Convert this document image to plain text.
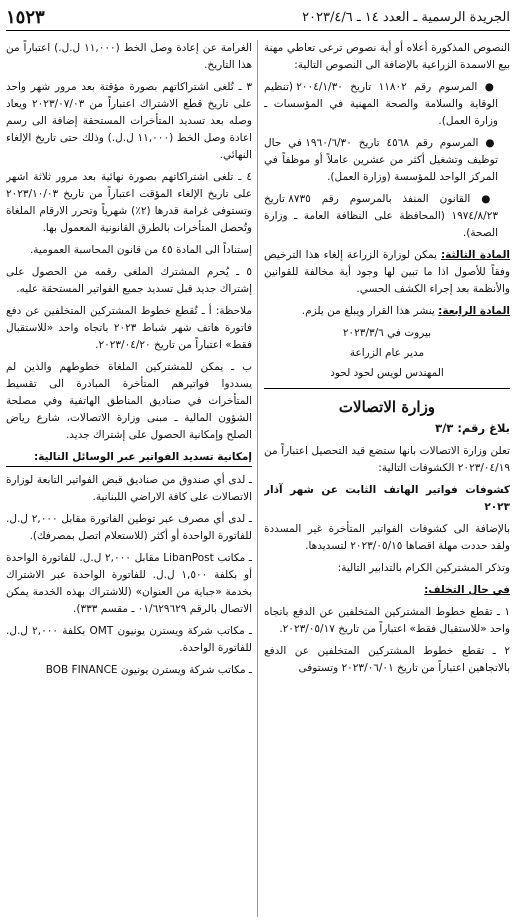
الجريدة الرسمية ـ العدد ١٤ ـ ٢٠٢٣/٤/٦
١٥٢٣

النصوص المذكورة أعلاه أو أية نصوص ترعى تعاطي مهنة بيع الاسمدة الزراعية بالإضافة الى النصوص التالية:

● المرسوم رقم ١١٨٠٢ تاريخ ٢٠٠٤/١/٣٠ (تنظيم الوقاية والسلامة والصحة المهنية في المؤسسات ـ وزارة العمل).

● المرسوم رقم ٤٥٦٨ تاريخ ١٩٦٠/٦/٣٠ في حال توظيف وتشغيل أكثر من عشرين عاملاً أو موظفاً في المركز الواحد للمؤسسة (وزارة العمل).

● القانون المنفذ بالمرسوم رقم ٨٧٣٥ تاريخ ١٩٧٤/٨/٢٣ (المحافظة على النظافة العامة ـ وزارة الصحة).

المادة الثالثة: يمكن لوزارة الزراعة إلغاء هذا الترخيص وفقاً للأصول اذا ما تبين لها وجود أية مخالفة للقوانين والأنظمة بعد إجراء الكشف الحسي.

المادة الرابعة: ينشر هذا القرار ويبلغ من يلزم.

بيروت في ٢٠٢٣/٣/٦

مدير عام الزراعة

المهندس لويس لحود لحود

وزارة الاتصالات
بلاغ رقم: ٣/٣

تعلن وزارة الاتصالات بانها ستضع قيد التحصيل اعتباراً من ٢٠٢٣/٠٤/١٩ الكشوفات التالية:

كشوفات فواتير الهاتف الثابت عن شهر آذار ٢٠٢٣

بالإضافة الى كشوفات الفواتير المتأخرة غير المسددة ولقد حددت مهلة اقصاها ٢٠٢٣/٠٥/١٥ لتسديدها.

وتذكر المشتركين الكرام بالتدابير التالية:

في حال التخلف:

١ ـ تقطع خطوط المشتركين المتخلفين عن الدفع باتجاه واحد «للاستقبال فقط» اعتباراً من تاريخ ٢٠٢٣/٠٥/١٧.

٢ ـ تقطع خطوط المشتركين المتخلفين عن الدفع بالاتجاهين اعتباراً من تاريخ ٢٠٢٣/٠٦/٠١ وتستوفى

الغرامة عن إعادة وصل الخط (١١,٠٠٠ ل.ل.) اعتباراً من هذا التاريخ.

٣ ـ تُلغى اشتراكاتهم بصورة مؤقتة بعد مرور شهر واحد على تاريخ قطع الاشتراك اعتباراً من ٢٠٢٣/٠٧/٠٣ ويعاد وصله بعد تسديد المتأخرات المستحقة إضافة الى رسم اعادة وصل الخط (١١,٠٠٠ ل.ل.) وذلك حتى تاريخ الإلغاء النهائي.

٤ ـ تلغى اشتراكاتهم بصورة نهائية بعد مرور ثلاثة اشهر على تاريخ الإلغاء المؤقت اعتباراً من تاريخ ٢٠٢٣/١٠/٠٣ وتستوفى غرامة قدرها (٢٪) شهرياً وتحرر الارقام الملغاة وتُحصل المتأخرات بالطرق القانونية المعمول بها.

إستناداً الى المادة ٤٥ من قانون المحاسبة العمومية.

٥ ـ يُحرم المشترك الملغى رقمه من الحصول على إشتراك جديد قبل تسديد جميع الفواتير المستحقة عليه.

ملاحظة: أ ـ تُقطع خطوط المشتركين المتخلفين عن دفع فاتورة هاتف شهر شباط ٢٠٢٣ باتجاه واحد «للاستقبال فقط» اعتباراً من تاريخ ٢٠٢٣/٠٤/٢٠.

ب ـ يمكن للمشتركين الملغاة خطوطهم والذين لم يسددوا فواتيرهم المتأخرة المبادرة الى تقسيط المتأخرات في صناديق المناطق الهاتفية وفي مصلحة الشؤون المالية ـ مبنى وزارة الاتصالات، شارع رياض الصلح وإمكانية الحصول على إشتراك جديد.

إمكانية تسديد الفواتير عبر الوسائل التالية:

ـ لدى أي صندوق من صناديق قبض الفواتير التابعة لوزارة الاتصالات على كافة الاراضي اللبنانية.

ـ لدى أي مصرف عبر توطين الفاتورة مقابل ٢,٠٠٠ ل.ل. للفاتورة الواحدة أو أكثر (للاستعلام اتصل بمصرفك).

ـ مكاتب LibanPost مقابل ٢,٠٠٠ ل.ل. للفاتورة الواحدة أو بكلفة ١,٥٠٠ ل.ل. للفاتورة الواحدة عبر الاشتراك بخدمة «جباية من العنوان» (للاشتراك بهذه الخدمة يمكن الاتصال بالرقم ٠١/٦٢٩٦٢٩ ـ مقسم ٣٣٣).

ـ مكاتب شركة ويسترن يونيون OMT بكلفة ٢,٠٠٠ ل.ل. للفاتورة الواحدة.

ـ مكاتب شركة ويسترن يونيون BOB FINANCE
